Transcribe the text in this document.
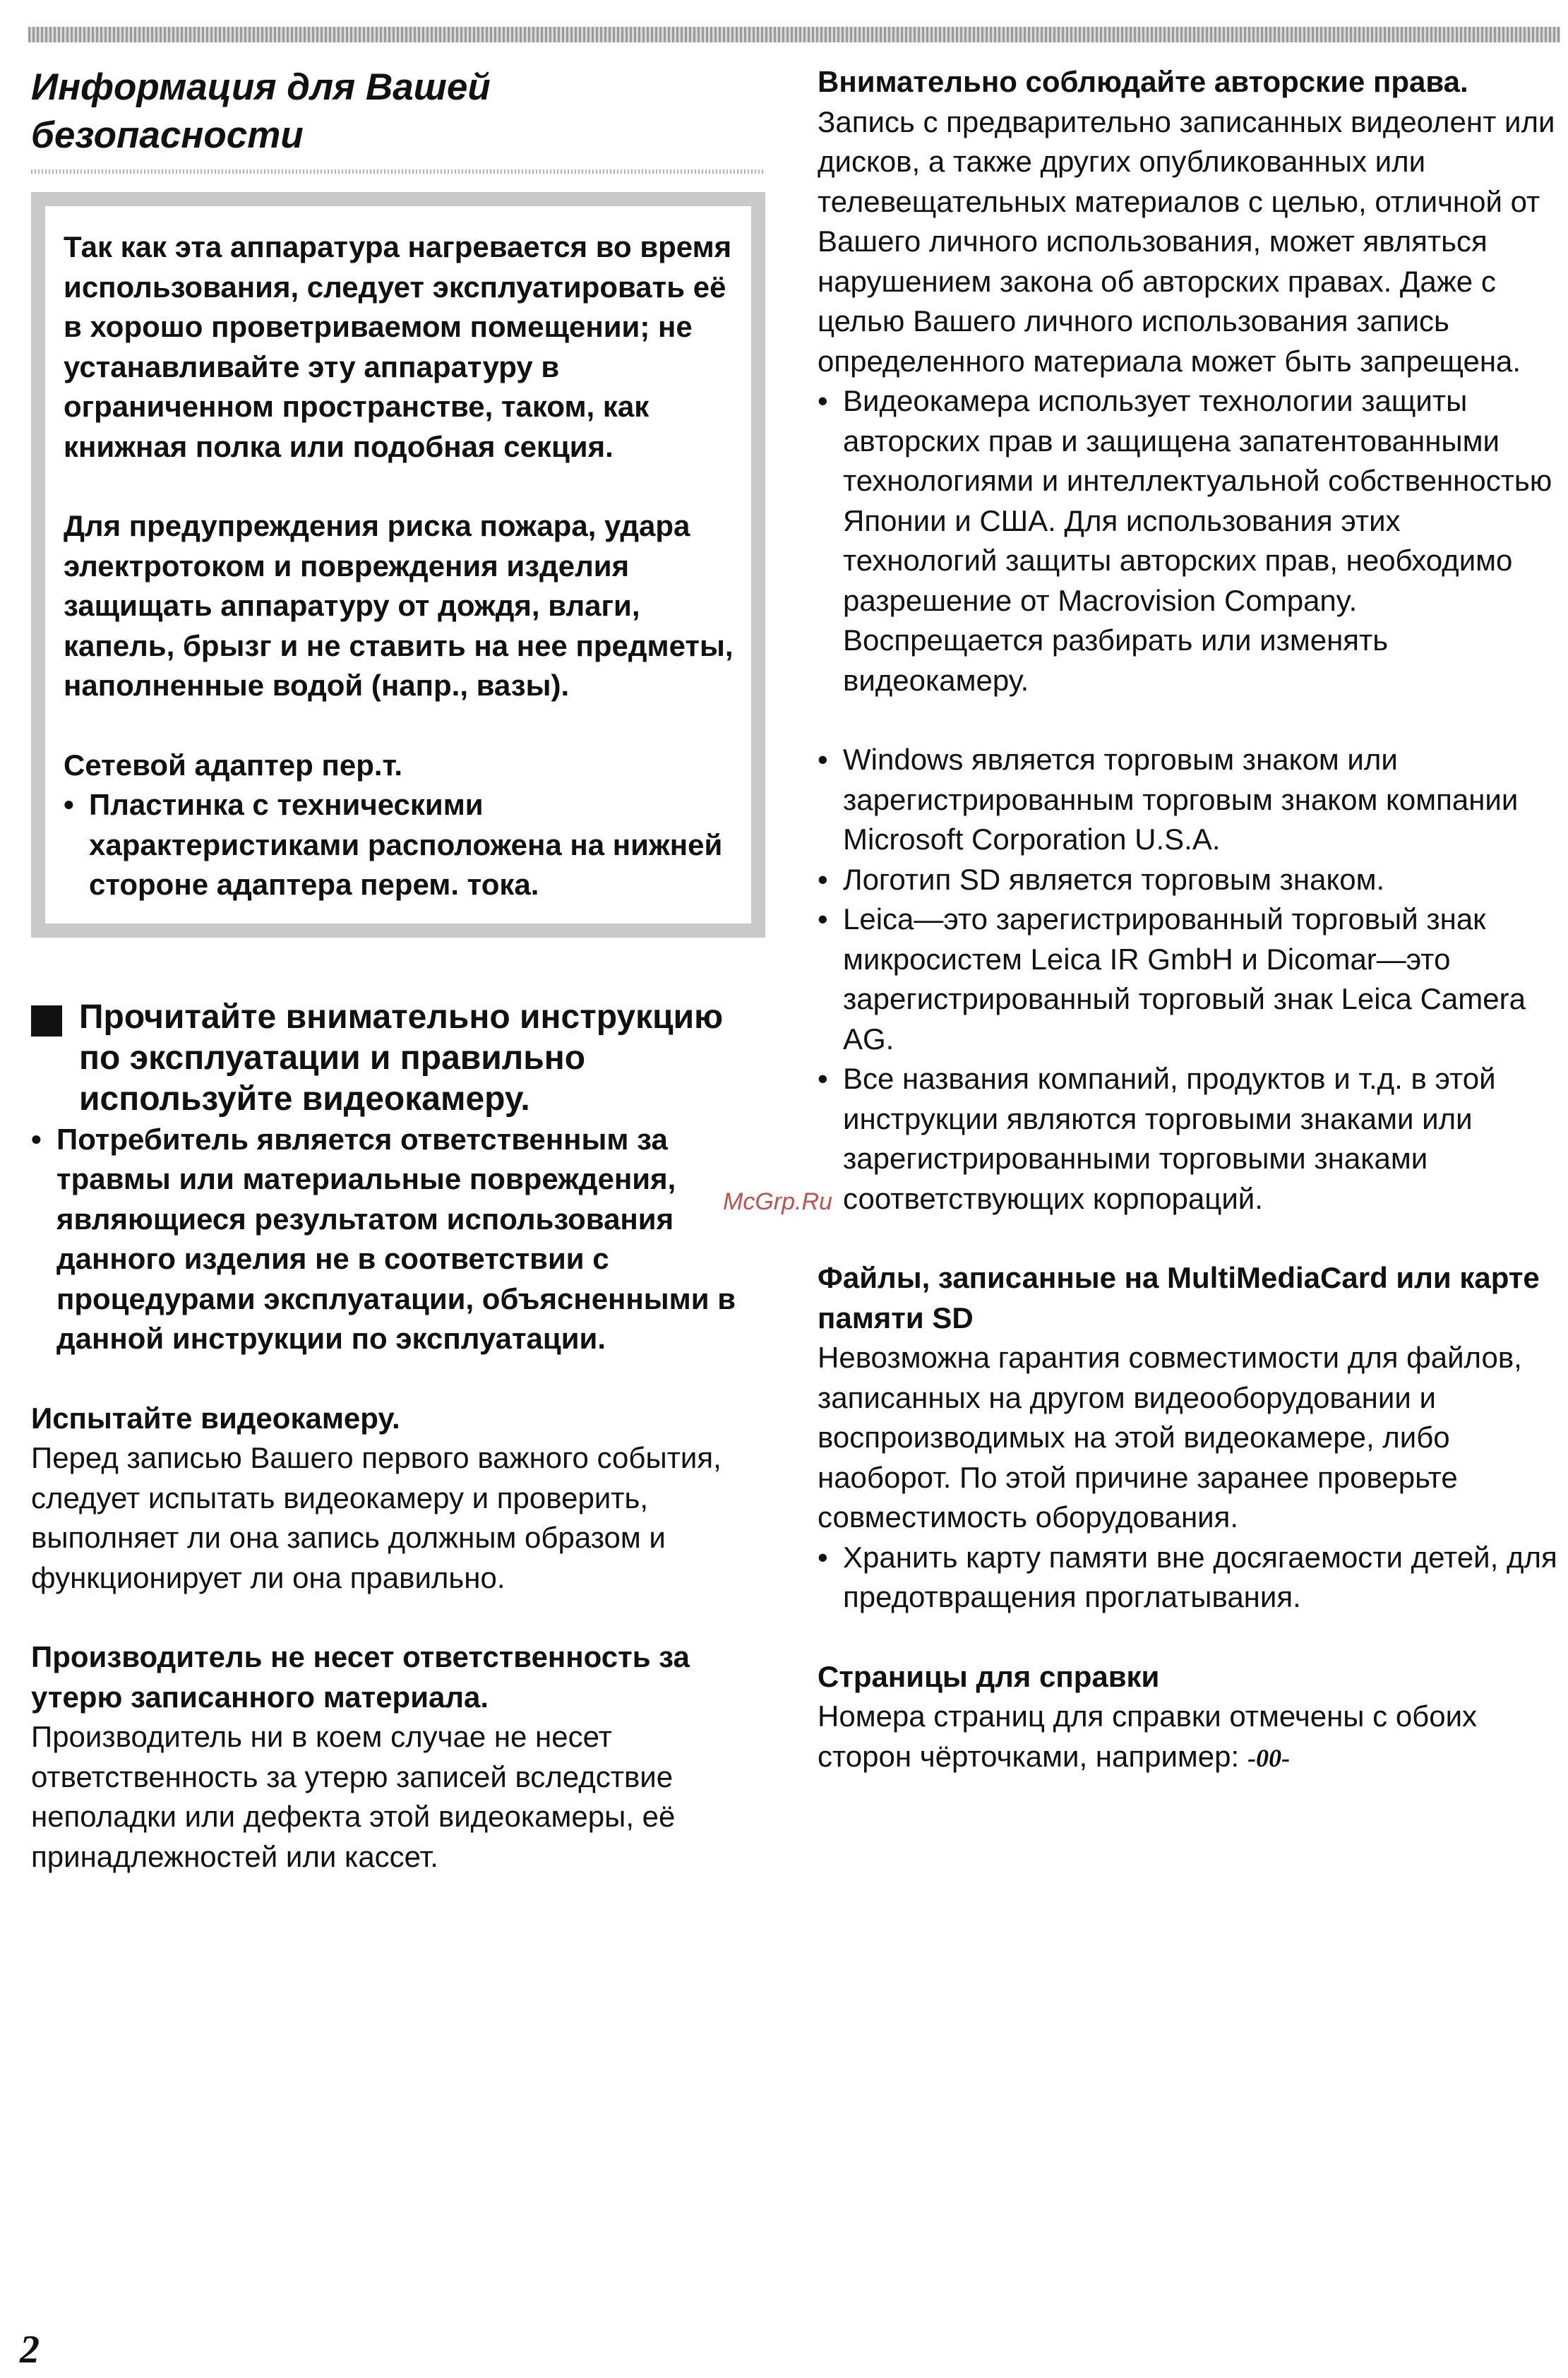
Информация для Вашей
безопасности

Так как эта аппаратура нагревается во время использования, следует эксплуатировать её в хорошо проветриваемом помещении; не устанавливайте эту аппаратуру в ограниченном пространстве, таком, как книжная полка или подобная секция.

Для предупреждения риска пожара, удара электротоком и повреждения изделия защищать аппаратуру от дождя, влаги, капель, брызг и не ставить на нее предметы, наполненные водой (напр., вазы).

Сетевой адаптер пер.т.

• Пластинка с техническими характеристиками расположена на нижней стороне адаптера перем. тока.

Прочитайте внимательно инструкцию по эксплуатации и правильно используйте видеокамеру.

• Потребитель является ответственным за травмы или материальные повреждения, являющиеся результатом использования данного изделия не в соответствии с процедурами эксплуатации, объясненными в данной инструкции по эксплуатации.

Испытайте видеокамеру.

Перед записью Вашего первого важного события, следует испытать видеокамеру и проверить, выполняет ли она запись должным образом и функционирует ли она правильно.

Производитель не несет ответственность за утерю записанного материала.

Производитель ни в коем случае не несет ответственность за утерю записей вследствие неполадки или дефекта этой видеокамеры, её принадлежностей или кассет.

Внимательно соблюдайте авторские права.

Запись с предварительно записанных видеолент или дисков, а также других опубликованных или телевещательных материалов с целью, отличной от Вашего личного использования, может являться нарушением закона об авторских правах. Даже с целью Вашего личного использования запись определенного материала может быть запрещена.

• Видеокамера использует технологии защиты авторских прав и защищена запатентованными технологиями и интеллектуальной собственностью Японии и США. Для использования этих технологий защиты авторских прав, необходимо разрешение от Macrovision Company. Воспрещается разбирать или изменять видеокамеру.

• Windows является торговым знаком или зарегистрированным торговым знаком компании Microsoft Corporation U.S.A.

• Логотип SD является торговым знаком.

• Leica—это зарегистрированный торговый знак микросистем Leica IR GmbH и Dicomar—это зарегистрированный торговый знак Leica Camera AG.

• Все названия компаний, продуктов и т.д. в этой инструкции являются торговыми знаками или зарегистрированными торговыми знаками соответствующих корпораций.

Файлы, записанные на MultiMediaCard или карте памяти SD

Невозможна гарантия совместимости для файлов, записанных на другом видеооборудовании и воспроизводимых на этой видеокамере, либо наоборот. По этой причине заранее проверьте совместимость оборудования.

• Хранить карту памяти вне досягаемости детей, для предотвращения проглатывания.

Страницы для справки

Номера страниц для справки отмечены с обоих сторон чёрточками, например: -00-

McGrp.Ru
2
